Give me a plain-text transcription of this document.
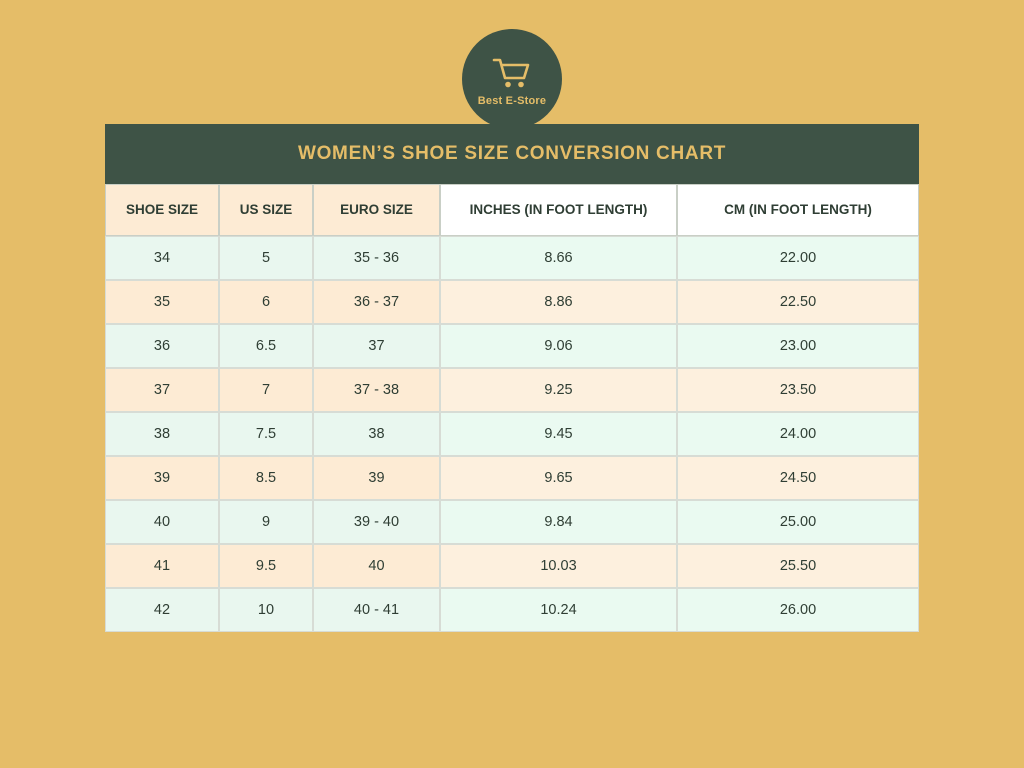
Best E-Store
WOMEN’S SHOE SIZE CONVERSION CHART				
SHOE SIZE	US SIZE	EURO SIZE	INCHES (IN FOOT LENGTH)	CM (IN FOOT LENGTH)
34	5	35 - 36	8.66	22.00
35	6	36 - 37	8.86	22.50
36	6.5	37	9.06	23.00
37	7	37 - 38	9.25	23.50
38	7.5	38	9.45	24.00
39	8.5	39	9.65	24.50
40	9	39 - 40	9.84	25.00
41	9.5	40	10.03	25.50
42	10	40 - 41	10.24	26.00
